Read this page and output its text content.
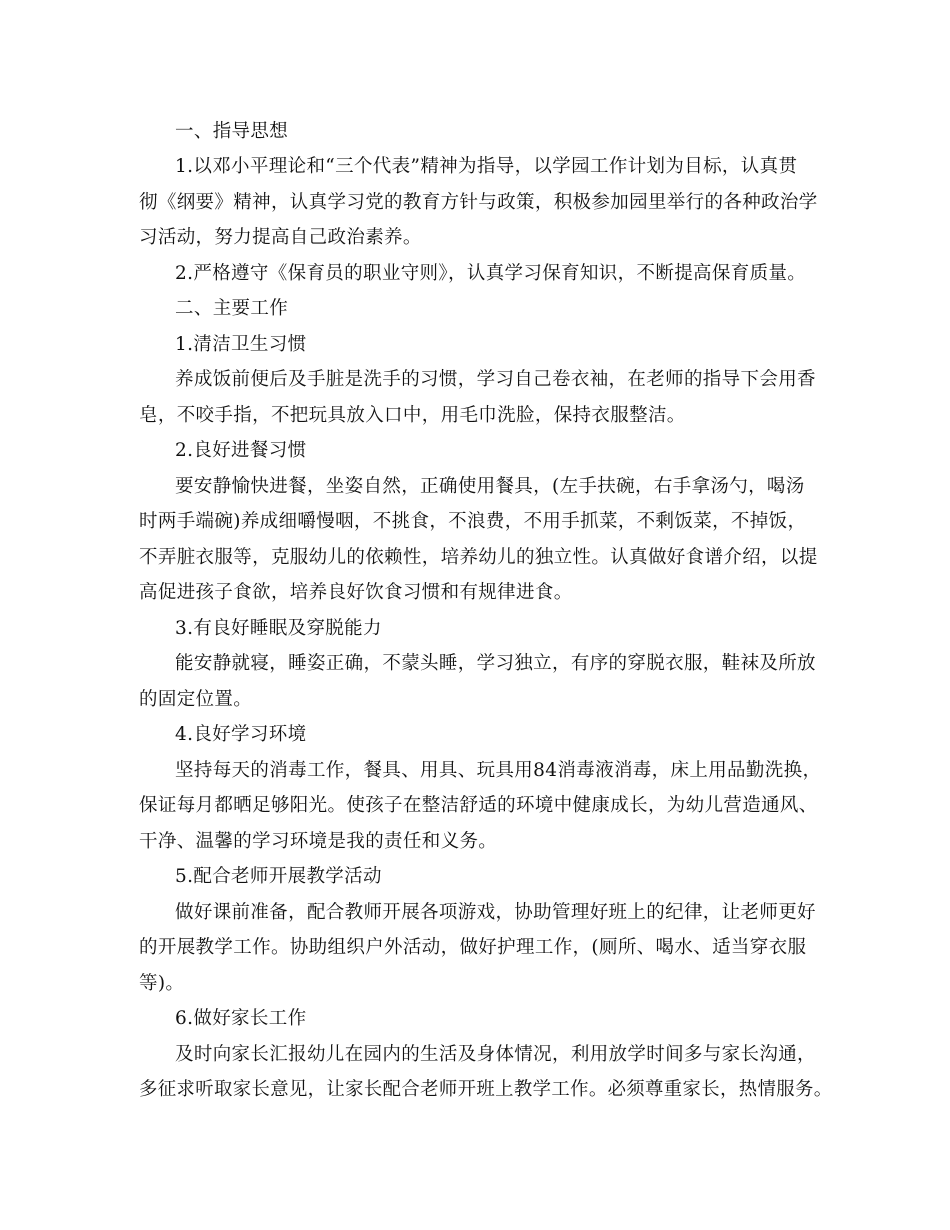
一、指导思想
1.以邓小平理论和“三个代表”精神为指导，以学园工作计划为目标，认真贯
彻《纲要》精神，认真学习党的教育方针与政策，积极参加园里举行的各种政治学
习活动，努力提高自己政治素养。
2.严格遵守《保育员的职业守则》，认真学习保育知识，不断提高保育质量。
二、主要工作
1.清洁卫生习惯
养成饭前便后及手脏是洗手的习惯，学习自己卷衣袖，在老师的指导下会用香
皂，不咬手指，不把玩具放入口中，用毛巾洗脸，保持衣服整洁。
2.良好进餐习惯
要安静愉快进餐，坐姿自然，正确使用餐具，(左手扶碗，右手拿汤勺，喝汤
时两手端碗)养成细嚼慢咽，不挑食，不浪费，不用手抓菜，不剩饭菜，不掉饭，
不弄脏衣服等，克服幼儿的依赖性，培养幼儿的独立性。认真做好食谱介绍，以提
高促进孩子食欲，培养良好饮食习惯和有规律进食。
3.有良好睡眠及穿脱能力
能安静就寝，睡姿正确，不蒙头睡，学习独立，有序的穿脱衣服，鞋袜及所放
的固定位置。
4.良好学习环境
坚持每天的消毒工作，餐具、用具、玩具用84消毒液消毒，床上用品勤洗换，
保证每月都晒足够阳光。使孩子在整洁舒适的环境中健康成长，为幼儿营造通风、
干净、温馨的学习环境是我的责任和义务。
5.配合老师开展教学活动
做好课前准备，配合教师开展各项游戏，协助管理好班上的纪律，让老师更好
的开展教学工作。协助组织户外活动，做好护理工作，(厕所、喝水、适当穿衣服
等)。
6.做好家长工作
及时向家长汇报幼儿在园内的生活及身体情况，利用放学时间多与家长沟通，
多征求听取家长意见，让家长配合老师开班上教学工作。必须尊重家长，热情服务。
